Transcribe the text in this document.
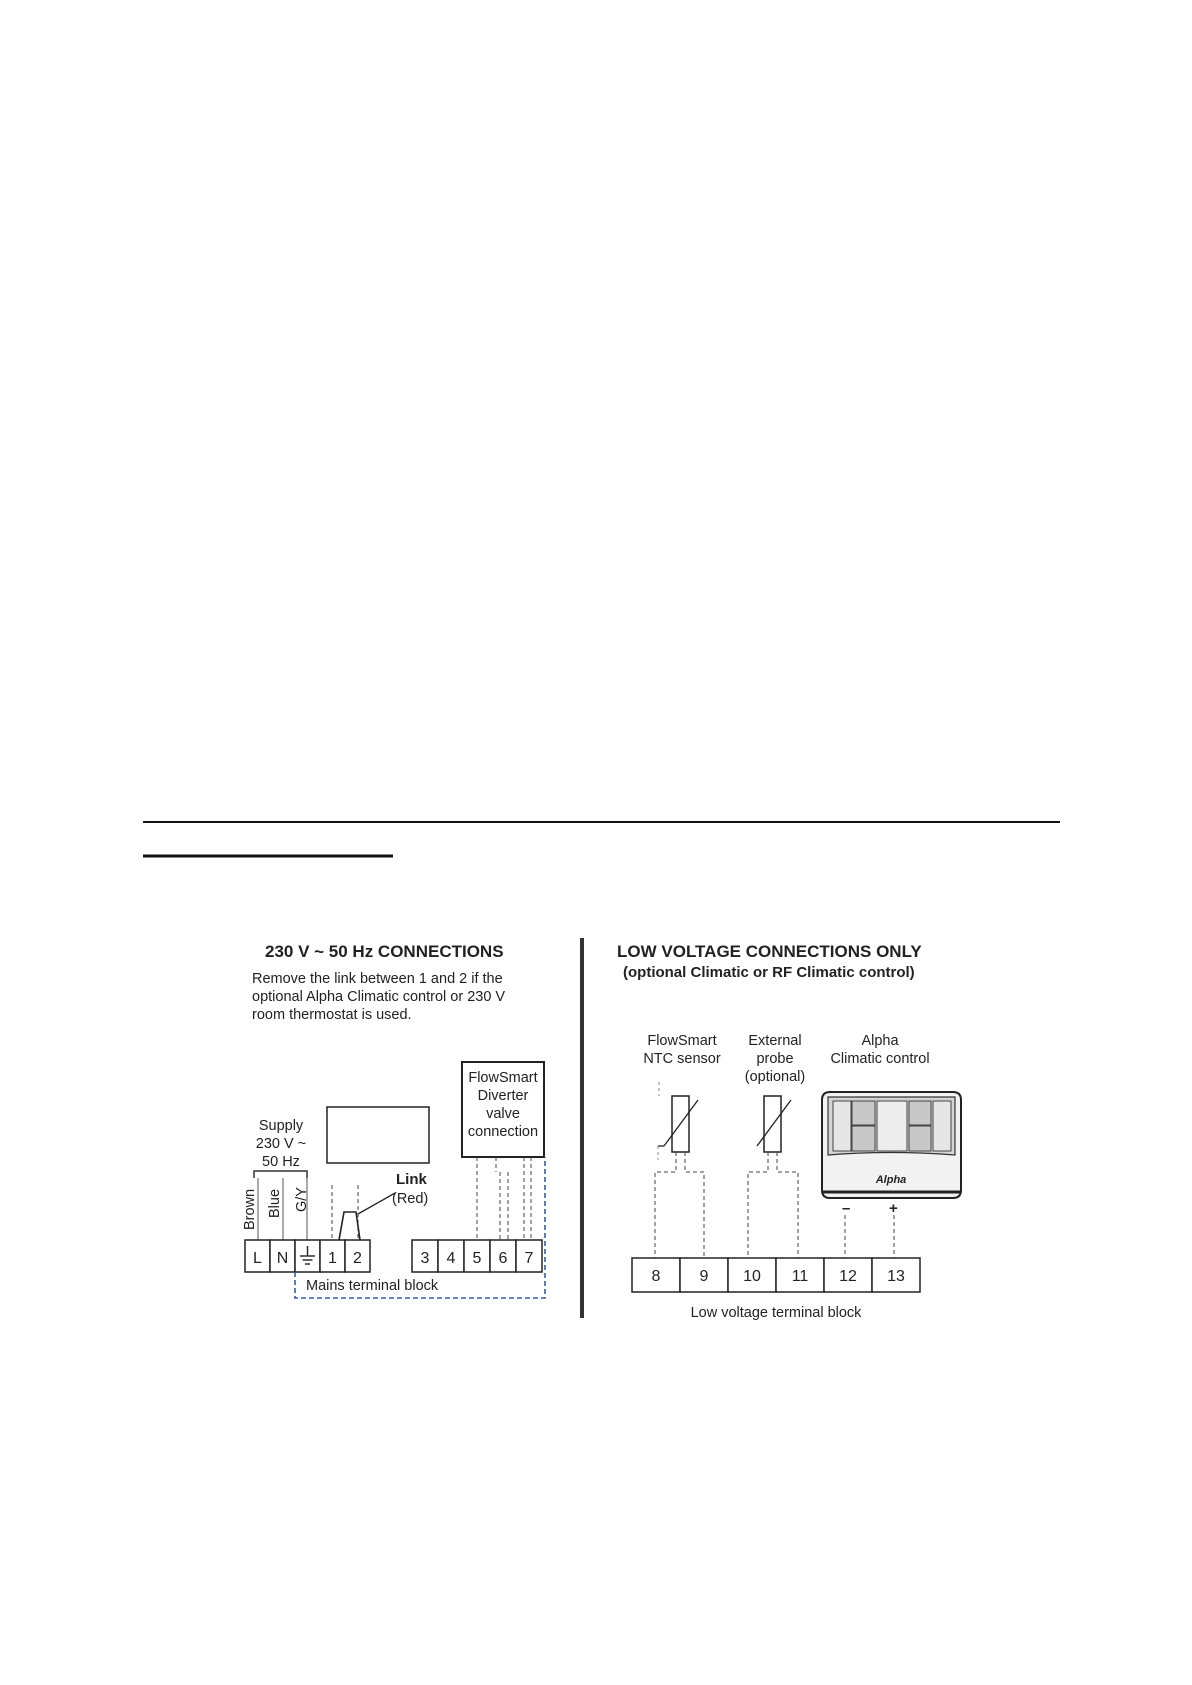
230 V ~ 50 Hz CONNECTIONS
Remove the link between 1 and 2 if the
optional Alpha Climatic control or 230 V
room thermostat is used.
Supply
230 V ~
50 Hz
Brown Blue G/Y
Link
(Red)
L N 1 2	3 4 5 6 7
FlowSmart
Diverter
valve
connection
Mains terminal block
LOW VOLTAGE CONNECTIONS ONLY
(optional Climatic or RF Climatic control)
FlowSmart
NTC sensor
External
probe
(optional)
Alpha
Climatic control
Alpha
–	+
8 9 10 11 12 13
Low voltage terminal block
